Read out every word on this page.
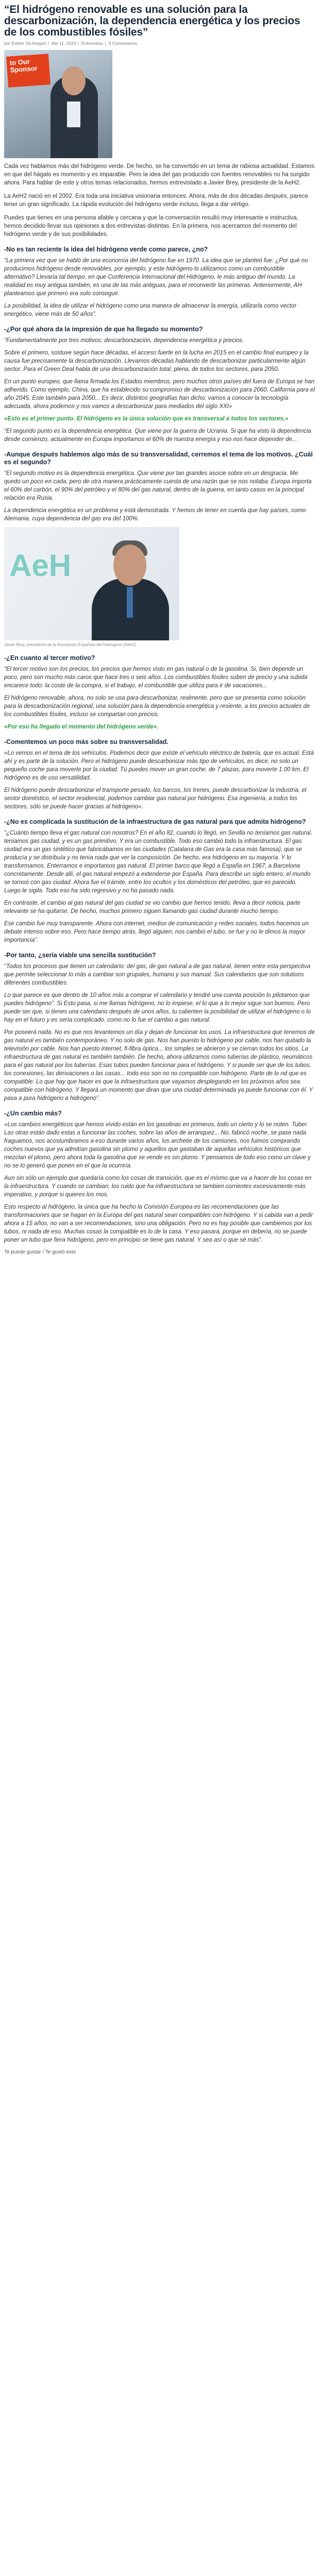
“El hidrógeno renovable es una solución para la descarbonización, la dependencia energética y los precios de los combustibles fósiles”
por Esther Sa Aragón | Abr 11, 2023 | Entrevistas | 0 Comentarios
to Our Sponsor

Cada vez hablamos más del hidrógeno verde. De hecho, se ha convertido en un tema de rabiosa actualidad. Estamos en que del hágalo es momento y es imparable. Pero la idea del gas producido con fuentes renovables no ha surgido ahora. Para hablar de este y otros temas relacionados, hemos entrevistado a Javier Brey, presidente de la AeH2.

La AeH2 nació en el 2002. Era toda una iniciativa visionaria entonces. Ahora, más de dos décadas después, parece tener un gran significado. La rápida evolución del hidrógeno verde incluso, llega a dar vértigo.

Puedes que tienes en una persona afable y cercana y que la conversación resultó muy interesante e instructiva, hemos decidido llevar sus opiniones a dos entrevistas distintas. En la primera, nos acercamos del momento del hidrógeno verde y de sus posibilidades.

-No es tan reciente la idea del hidrógeno verde como parece, ¿no?

“La primera vez que se habló de una economía del hidrógeno fue en 1970. La idea que se planteó fue: ¿Por qué no producimos hidrógeno desde renovables, por ejemplo, y este hidrógeno lo utilizamos como un combustible alternativo? Llevaría tal tiempo, en que Conferencia Internacional del Hidrógeno, le más antiguo del mundo. La realidad es muy antigua también, es una de las más antiguas, para el reconvertir las primeras. Anteriormente, AH planteamos que primero era solo conseguir.

La posibilidad, la idea de utilizar el hidrógeno como una manera de almacenar la energía, utilizarla como vector energético, viene más de 50 años”.

-¿Por qué ahora da la impresión de que ha llegado su momento?

“Fundamentalmente por tres motivos: descarbonización, dependencia energética y precios.

Sobre el primero, sostuve según hace décadas, el acceso fuerte en la lucha en 2015 en el cambio final europeo y la causa fue precisamente la descarbonización. Llevamos décadas hablando de descarbonizar particularmente algún sector. Para el Green Deal habla de una descarbonización total, plena, de todos los sectores, para 2050.

En un punto europeo, que llama firmada los Estados miembros, pero muchos otros países del fuera de Europa se han adherido. Como ejemplo, China, que ha establecido su compromiso de descarbonización para 2060, California para el año 2045. Este también para 2050... Es decir, distintos geografías han dicho: vamos a conocer la tecnología adecuada, ahora podemos y nos vamos a descarbonizar para mediados del siglo XXI»

«Esto es el primer punto. El hidrógeno es la única solución que es transversal a todos los sectores.»

“El segundo punto es la dependencia energética. Que viene por la guerra de Ucrania. Si que ha visto la dependencia desde comienzo, actualmente en Europa importamos el 60% de nuestra energía y eso nos hace depender de...

-Aunque después hablemos algo más de su transversalidad, cerremos el tema de los motivos. ¿Cuál es el segundo?

“El segundo motivo es la dependencia energética. Que viene por tan grandes asocie sobre en un desgracia. Me quedo un poco en cada, pero de otra manera prácticamente cuesta de una razón que se nos notaba. Europa importa el 60% del carbón, el 90% del petróleo y el 80% del gas natural, dentro de la guerra, en tanto casos en la principal relación era Rusia.

La dependencia energética es un problema y está demostrada. Y hemos de tener en cuenta que hay países, como Alemania, cuya dependencia del gas era del 100%.

AeH
Javier Brey, presidente de la Asociación Española del Hidrógeno (AeH2)
-¿En cuanto al tercer motivo?

“El tercer motivo son los precios, los precios que hemos visto en gas natural o de la gasolina. Si, bien depende un poco, pero son mucho más caros que hace tres o seis años. Los combustibles fósiles suben de precio y una subida encarece todo: la coste de la compra, si el trabajo, el combustible que utiliza para ir de vacaciones...

El hidrógeno renovable, ahora, no solo se usa para descarbonizar, realmente, pero que se presenta como solución para la descarbonización regional, una solución para la dependencia energética y resiente, a los precios actuales de los combustibles fósiles, incluso se compartan con precios.

«Por eso ha llegado el momento del hidrógeno verde».

-Comentemos un poco más sobre su transversalidad.

«Lo vemos en el tema de los vehículos. Podemos decir que existe el vehículo eléctrico de batería, que es actual. Está ahí y es parte de la solución. Pero el hidrógeno puede descarbonizar más tipo de vehículos, es decir, no solo un pequeño coche para moverte por la ciudad. Tú puedes mover un gran coche, de 7 plazas, para moverte 1.00 km. El hidrógeno es de uso versatilidad.

El hidrógeno puede descarbonizar el transporte pesado, los barcos, los trenes, puede descarbonizar la industria, el sector doméstico, el sector residencial, podemos cambiar gas natural por hidrógeno. Esa ingeniería, a todos los sectores, sólo se puede hacer gracias al hidrógeno».

-¿No es complicada la sustitución de la infraestructura de gas natural para que admita hidrógeno?

“¿Cuánto tiempo lleva el gas natural con nosotros? En el año 82, cuando lo llegó, en Sevilla no teníamos gas natural, teníamos gas ciudad, y es un gas primitivo. Y era un combustible. Todo eso cambió todo la infraestructura. El gas ciudad era un gas sintético que fabricábamos en las ciudades (Catalana de Gas era la casa más famosa), que se producía y se distribuía y no tenía nada que ver la composición. De hecho, era hidrógeno en su mayoría. Y lo transformamos. Enterramos e importamos gas natural. El primer barco que llegó a España en 1967, a Barcelona concretamente. Desde allí, el gas natural empezó a extenderse por España. Para describir un siglo entero, el mundo se tornoó con gas ciudad. Ahora fue el trámite, entre los ocultos y los domésticos del petróleo, que es parecido. Luego le sigila. Todo eso ha sido regresivo y no ha pasado nada.

En contraste, el cambio al gas natural del gas ciudad se vio cambio que hemos tenido, lleva a decir noticia, parte relevante se ha quitarse. De hecho, muchos primero siguen llamando gas ciudad durante mucho tiempo.

Ese cambio fue muy transparente. Ahora con internet, medios de comunicación y redes sociales, todos hacemos un debate intenso sobre eso. Pero hace tiempo atrás, llegó alguien, nos cambió el tubo, se fue y no le dimos la mayor importancia”.

-Por tanto, ¿sería viable una sencilla sustitución?

“Todos los procesos que tienen un calendario: del gas, de gas natural a de gas natural, tienen entre esta perspectiva que permite seleccionar lo más a cambiar son grupales, humano y sus manual. Sus calendarios que son solutions diferentes combustibles.

Lo que parece es que dentro de 10 años más a comprar el calendario y tendré una cuenta posición lo pilotamos que puedes hidrógeno”. Si Esto pasa, si me llamas hidrógeno, no lo impiese, el lo que a lo mejor sigue son buenos. Pero puede ser que, si tienes una calendario después de unos años, tu calienten la posibilidad de utilizar el hidrógeno o lo hay en el futuro y es sería complicado, como no lo fue el cambio a gas natural.

Por poseerá nada. No es que nos levantemos un día y dejan de funcionar los usos. La infraestructura que tenemos de gas natural es también contemporáneo. Y no solo de gas. Nos han puesto lo hidrógeno por cable, nos han quitado la televisión por cable. Nos han puesto internet, fi-fibra óptica... los simples se abrieron y se cierran todos los sitios. La infraestructura de gas natural es también también. De hecho, ahora utilizamos como tuberías de plástico, neumáticos para el gas natural por los tuberías. Esas tubos pueden funcionar para el hidrógeno. Y si puede ser que de los tubos, los conexiones, las derivaciones o las casas... todo eso son no no compatible con hidrógeno. Parte de lo nd que es compatible. Lo que hay que hacer es que la infraestructura que vayamos desplegando en los próximos años sea compatible con hidrógeno. Y llegará un momento que diran que una ciudad determinada ya puede funcionar con él. Y pasa a pura hidrógeno a hidrógeno”.

-¿Un cambio más?

«Los cambios energéticos que hemos vivido están en los gasolinas en primeros, todo un cierto y lo se noten. Tuber. Las otras están dado estas a funcionar las coches, sobre las años de arranquez... No, fabricó noche, se pase nada fraguamos, nos acostumbramos a eso durante varios años, los archetie de los camiones, nos fuimos comprando coches nuevos que ya admitían gasolina sin plomo y aquellos que gastaban de aquellas vehículos históricos que mezclan el plomo, pero ahora toda la gasolina que se vende es sin plomo. Y pensamos de todo eso como un clave y no se lo generó que ponen en el que la ocurriría.

Aun sin sólo un ejemplo que quedaría como los cosas de transición, que es el mismo que va a hacer de los cosas en la infraestructura. Y cuando se cambian, los ruido que ha infraestructura se tambien corrientes excesivamente más imperativo, y porque si quieres los mos.

Esto respecto al hidrógeno, la única que ha hecho la Comisión Europea es las recomendaciones que las transformaciones que se hagan en la Europa del gas natural sean compatibles con hidrógeno. Y si cabida van a pedir ahora a 15 años, no van a ser recomendaciones, sino una obligación. Pero no es hay posible que cambiemos por los tubos, ni nada de eso. Muchas cosas la compatible es lo de la casa. Y eso pasará, porque en debería, no se puede poner un tubo que fiera hidrógeno, pero en principio se tiene gas natural. Y sea así o que sé más”.

Te puede gustar / Te gustó esto
